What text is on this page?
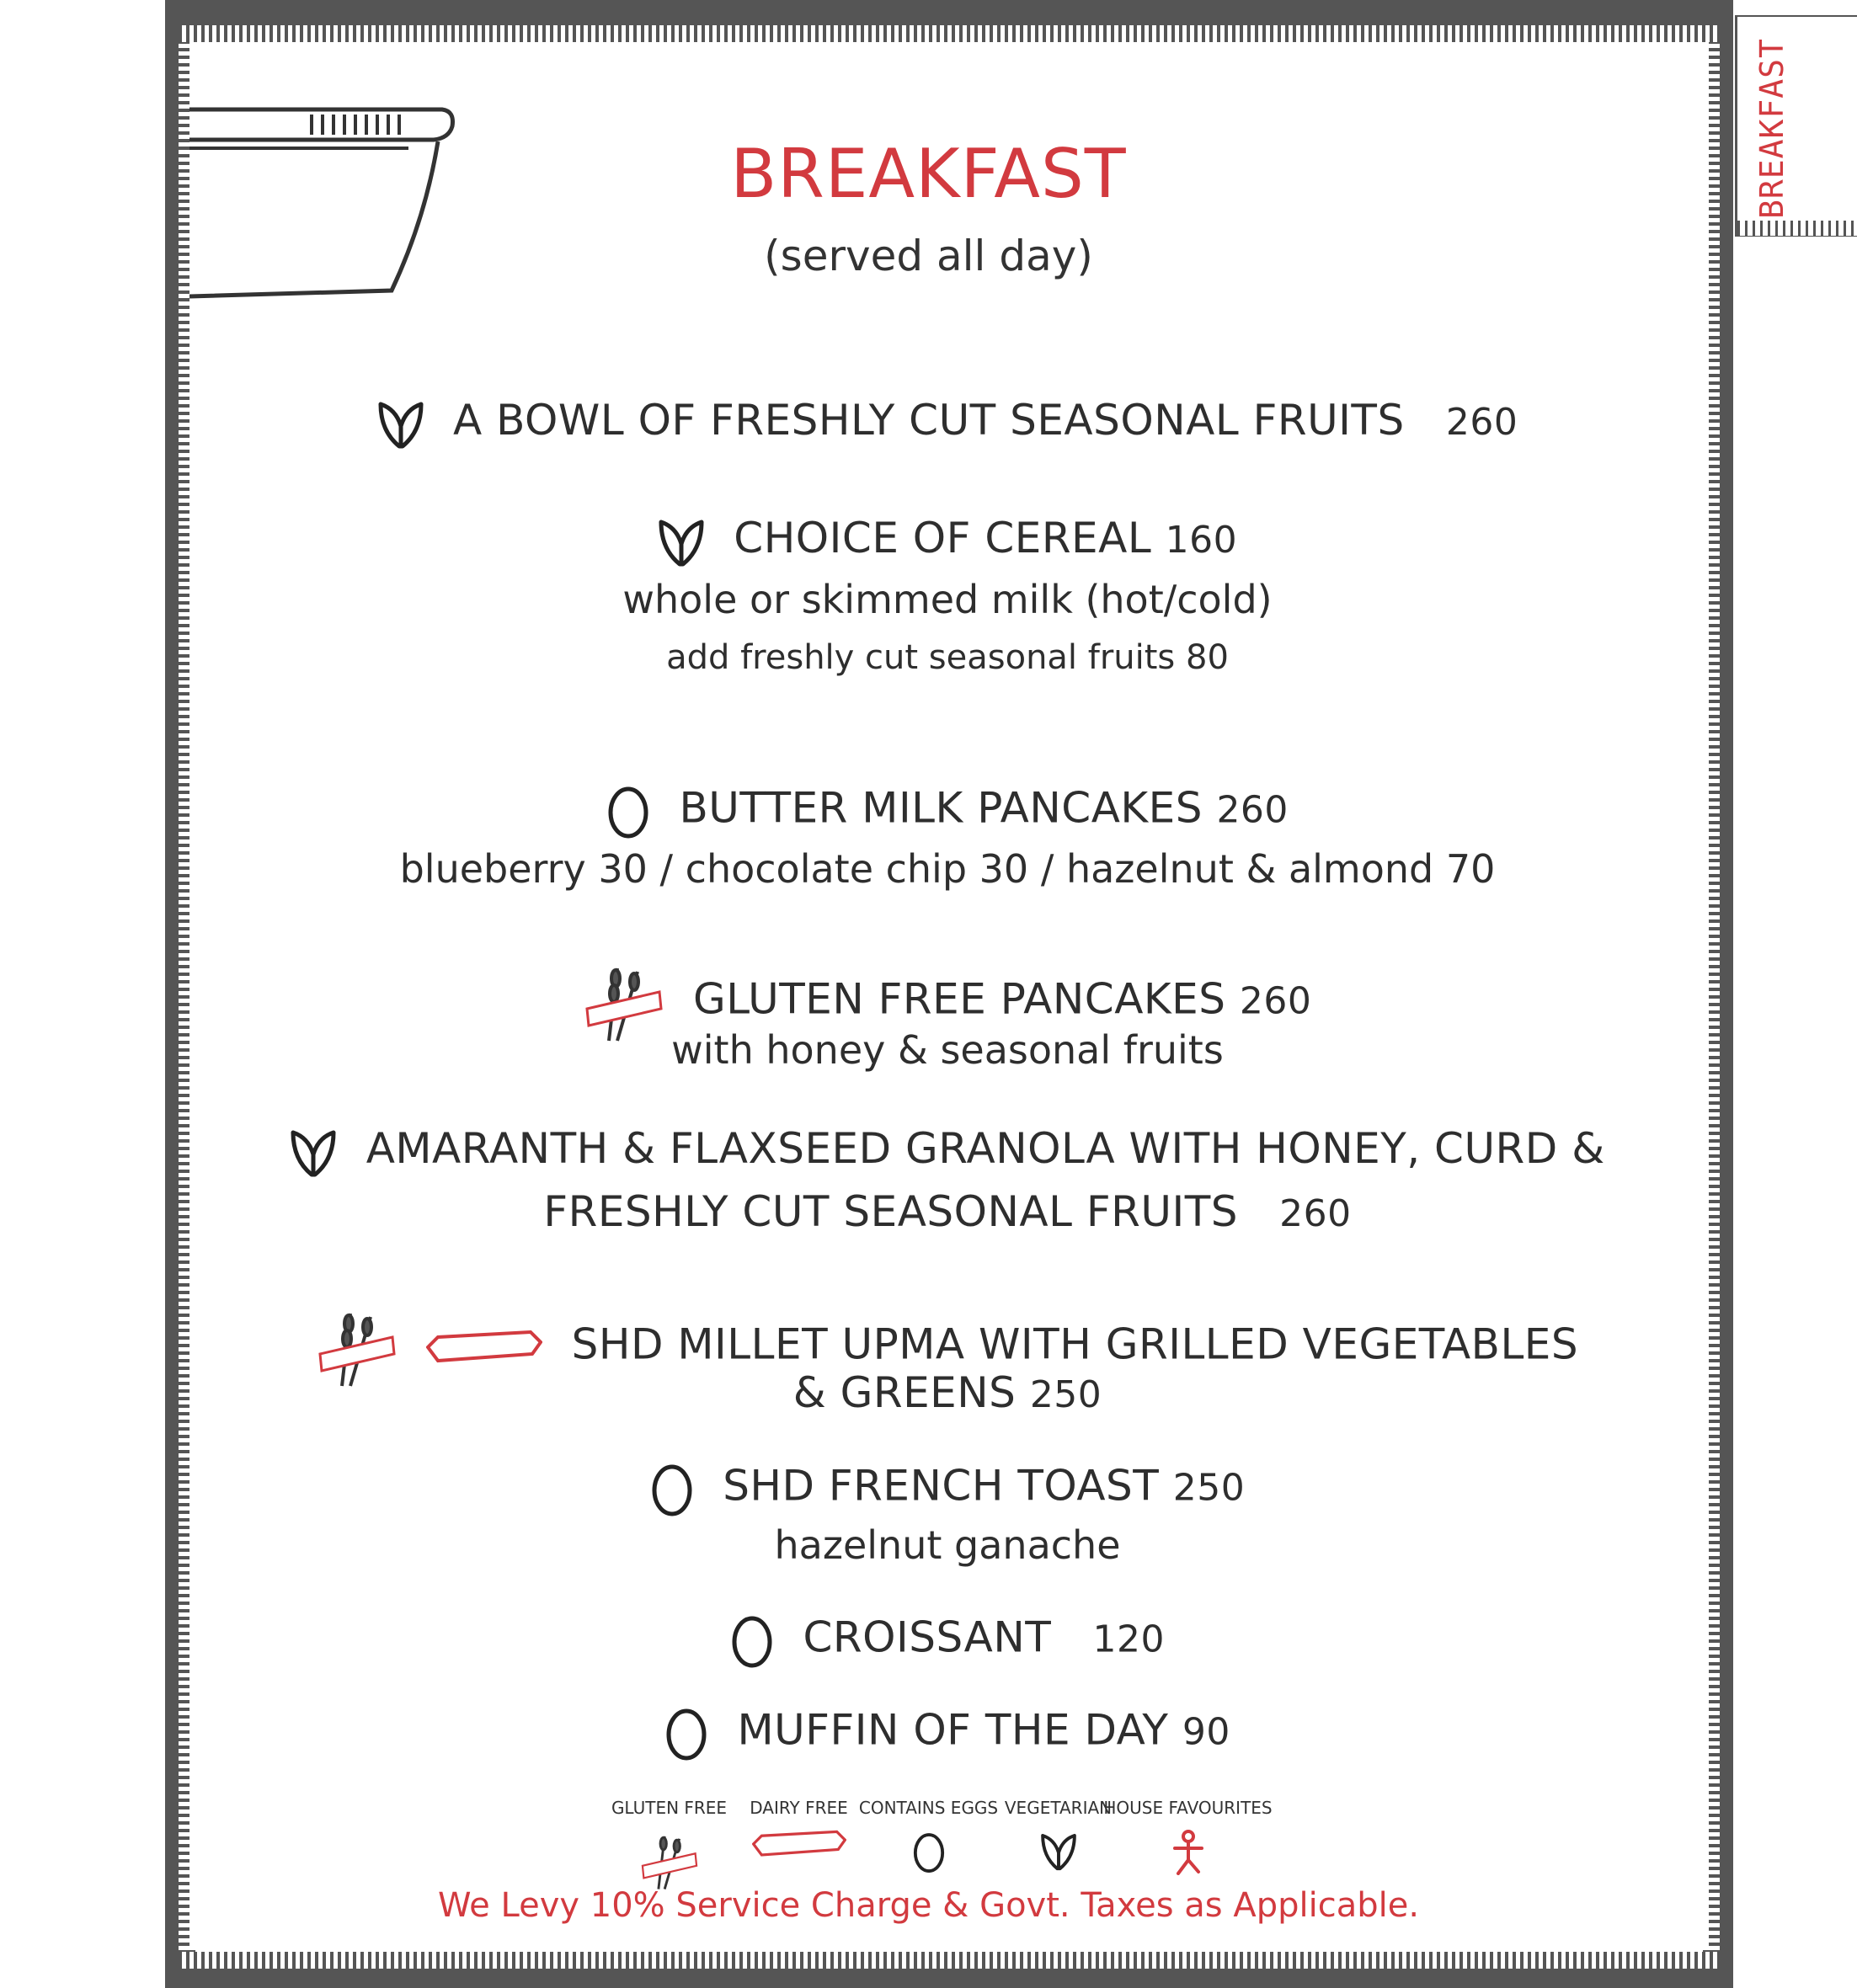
BREAKFAST
BREAKFAST
(served all day)
A BOWL OF FRESHLY CUT SEASONAL FRUITS 260
CHOICE OF CEREAL 160
whole or skimmed milk (hot/cold)
add freshly cut seasonal fruits 80
BUTTER MILK PANCAKES 260
blueberry 30 / chocolate chip 30 / hazelnut & almond 70
GLUTEN FREE PANCAKES 260
with honey & seasonal fruits
AMARANTH & FLAXSEED GRANOLA WITH HONEY, CURD &
FRESHLY CUT SEASONAL FRUITS 260
SHD MILLET UPMA WITH GRILLED VEGETABLES
& GREENS 250
SHD FRENCH TOAST 250
hazelnut ganache
CROISSANT 120
MUFFIN OF THE DAY 90
GLUTEN FREE DAIRY FREE CONTAINS EGGS VEGETARIAN
HOUSE FAVOURITES
We Levy 10% Service Charge & Govt. Taxes as Applicable.
